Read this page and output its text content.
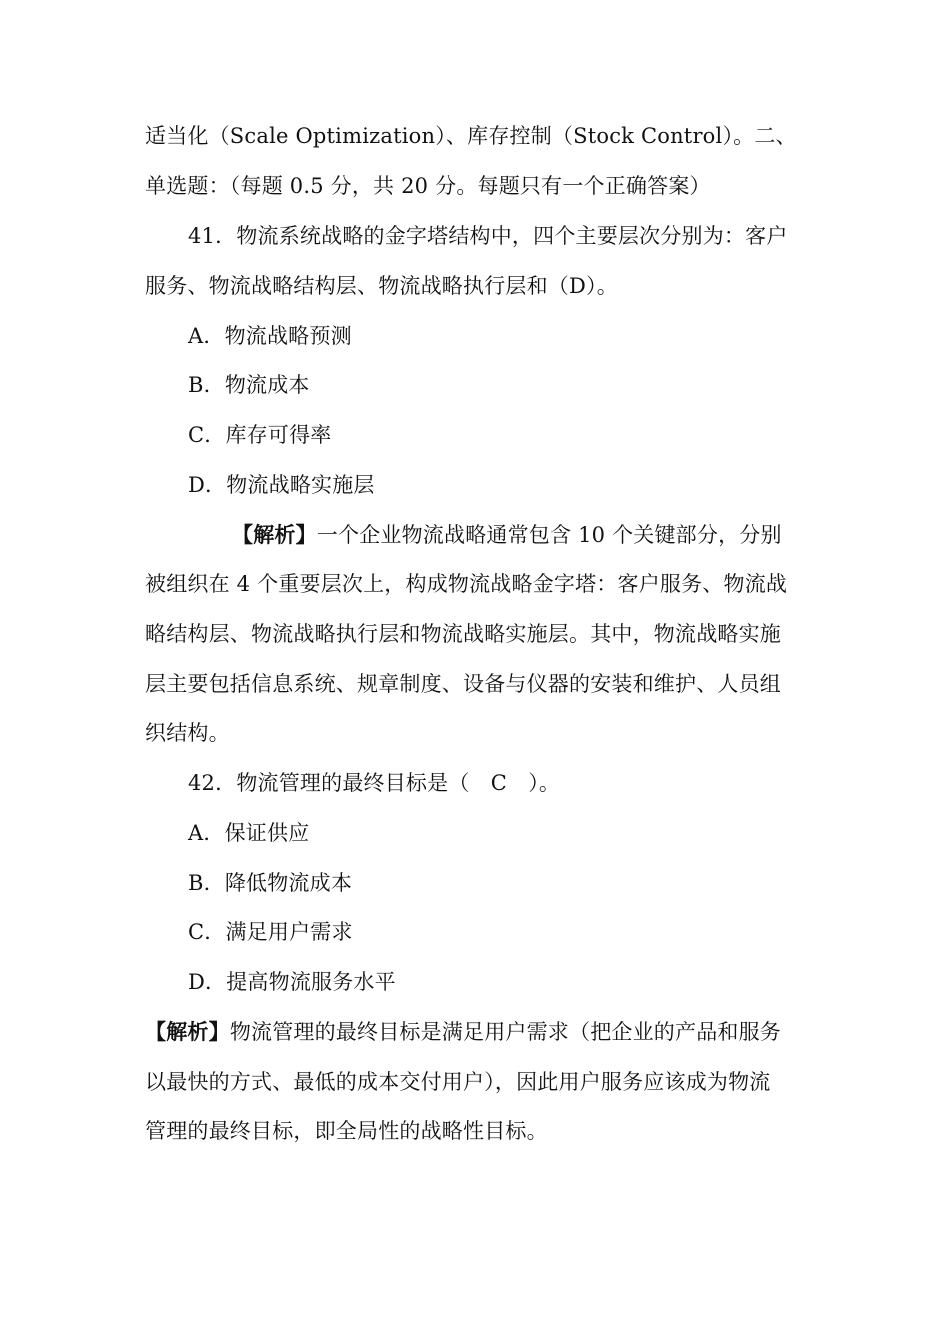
适当化（Scale Optimization）、库存控制（Stock Control）。二、
单选题：（每题 0.5 分，共 20 分。每题只有一个正确答案）
41．物流系统战略的金字塔结构中，四个主要层次分别为：客户
服务、物流战略结构层、物流战略执行层和（D）。
A．物流战略预测
B．物流成本
C．库存可得率
D．物流战略实施层
【解析】一个企业物流战略通常包含 10 个关键部分，分别
被组织在 4 个重要层次上，构成物流战略金字塔：客户服务、物流战
略结构层、物流战略执行层和物流战略实施层。其中，物流战略实施
层主要包括信息系统、规章制度、设备与仪器的安装和维护、人员组
织结构。
42．物流管理的最终目标是（　C　）。
A．保证供应
B．降低物流成本
C．满足用户需求
D．提高物流服务水平
【解析】物流管理的最终目标是满足用户需求（把企业的产品和服务
以最快的方式、最低的成本交付用户），因此用户服务应该成为物流
管理的最终目标，即全局性的战略性目标。
